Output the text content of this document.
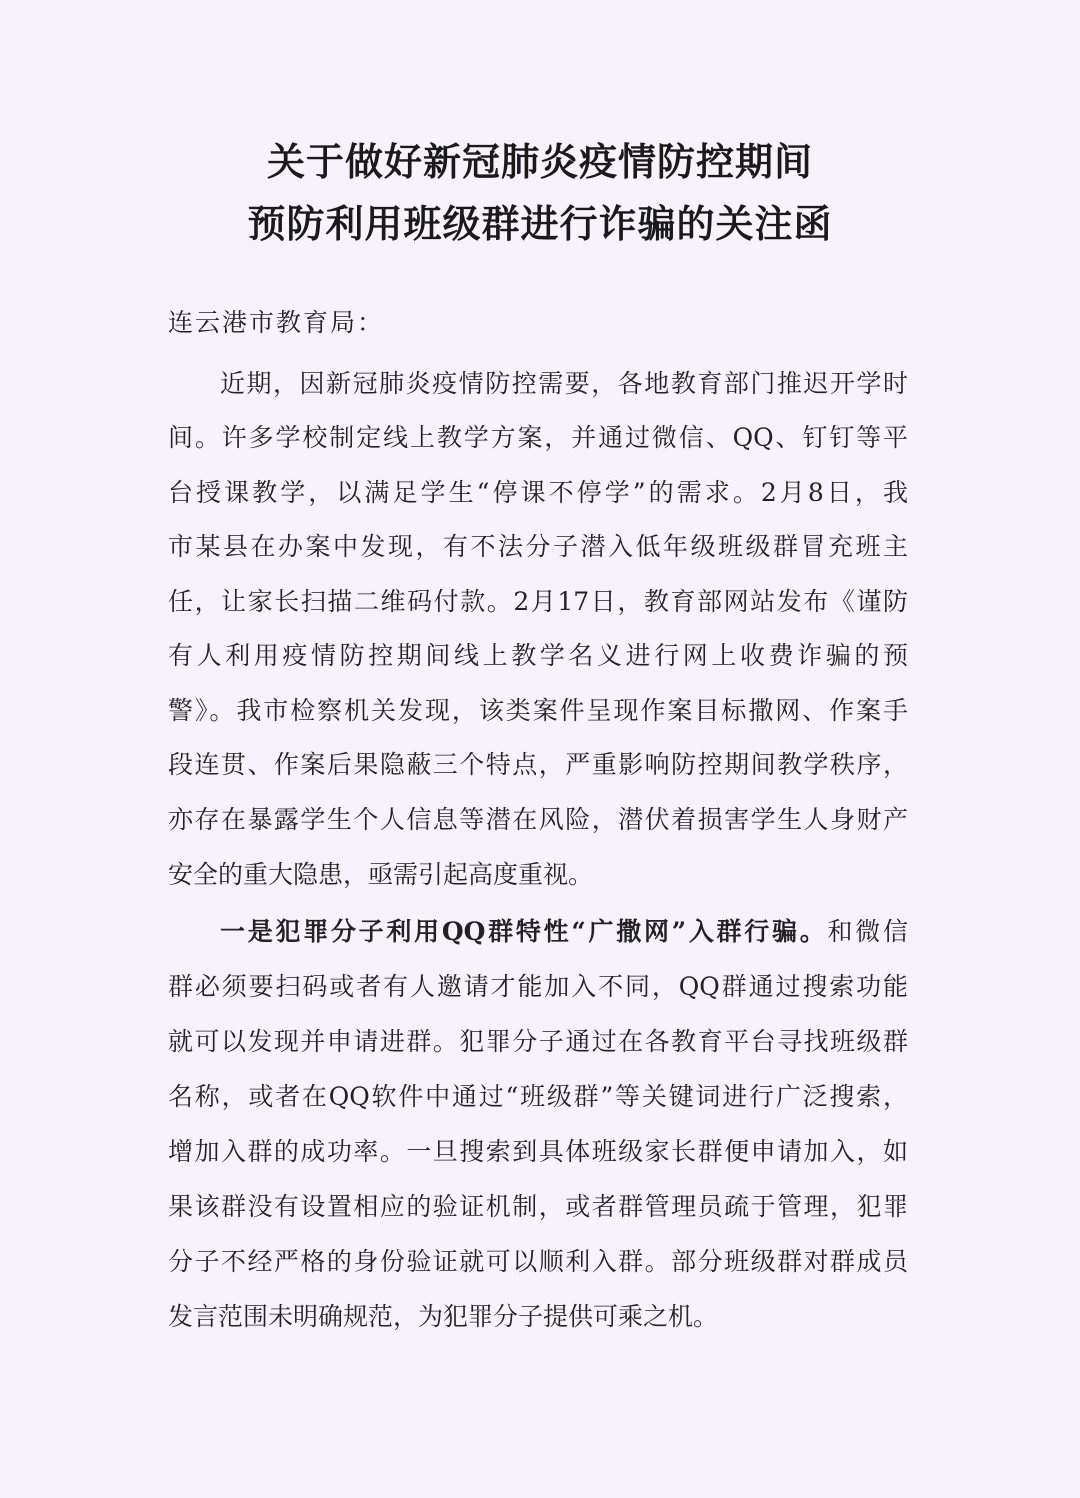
关于做好新冠肺炎疫情防控期间
预防利用班级群进行诈骗的关注函
连云港市教育局：
近期，因新冠肺炎疫情防控需要，各地教育部门推迟开学时
间。许多学校制定线上教学方案，并通过微信、QQ、钉钉等平
台授课教学，以满足学生“停课不停学”的需求。2月8日，我
市某县在办案中发现，有不法分子潜入低年级班级群冒充班主
任，让家长扫描二维码付款。2月17日，教育部网站发布《谨防
有人利用疫情防控期间线上教学名义进行网上收费诈骗的预
警》。我市检察机关发现，该类案件呈现作案目标撒网、作案手
段连贯、作案后果隐蔽三个特点，严重影响防控期间教学秩序，
亦存在暴露学生个人信息等潜在风险，潜伏着损害学生人身财产
安全的重大隐患，亟需引起高度重视。
一是犯罪分子利用QQ群特性“广撒网”入群行骗。和微信
群必须要扫码或者有人邀请才能加入不同，QQ群通过搜索功能
就可以发现并申请进群。犯罪分子通过在各教育平台寻找班级群
名称，或者在QQ软件中通过“班级群”等关键词进行广泛搜索，
增加入群的成功率。一旦搜索到具体班级家长群便申请加入，如
果该群没有设置相应的验证机制，或者群管理员疏于管理，犯罪
分子不经严格的身份验证就可以顺利入群。部分班级群对群成员
发言范围未明确规范，为犯罪分子提供可乘之机。
